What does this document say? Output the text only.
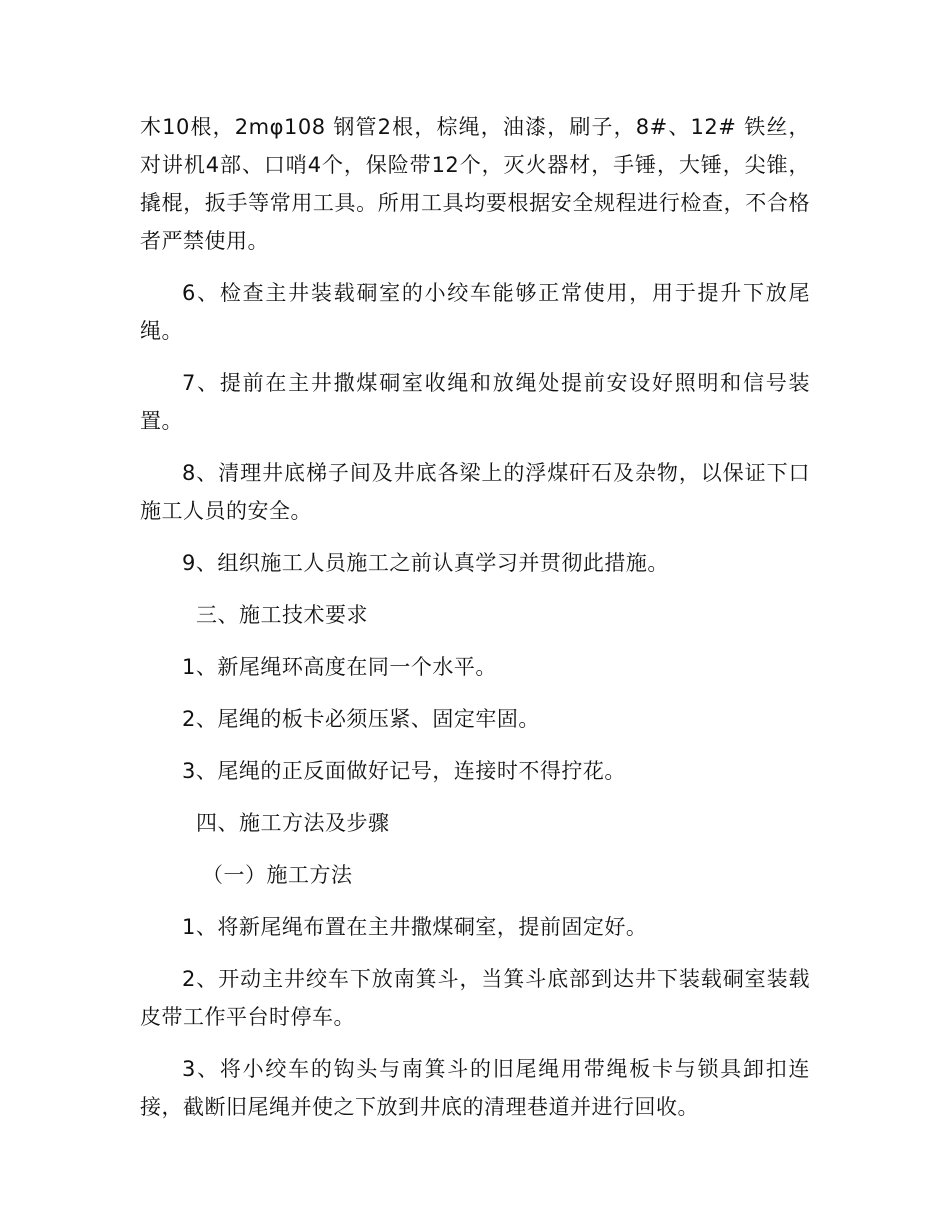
木10根，2mφ108 钢管2根，棕绳，油漆，刷子，8#、12# 铁丝，对讲机4部、口哨4个，保险带12个，灭火器材，手锤，大锤，尖锥，撬棍，扳手等常用工具。所用工具均要根据安全规程进行检查，不合格者严禁使用。

6、检查主井装载硐室的小绞车能够正常使用，用于提升下放尾绳。

7、提前在主井撒煤硐室收绳和放绳处提前安设好照明和信号装置。

8、清理井底梯子间及井底各梁上的浮煤矸石及杂物，以保证下口施工人员的安全。

9、组织施工人员施工之前认真学习并贯彻此措施。

三、施工技术要求

1、新尾绳环高度在同一个水平。

2、尾绳的板卡必须压紧、固定牢固。

3、尾绳的正反面做好记号，连接时不得拧花。

四、施工方法及步骤

（一）施工方法

1、将新尾绳布置在主井撒煤硐室，提前固定好。

2、开动主井绞车下放南箕斗，当箕斗底部到达井下装载硐室装载皮带工作平台时停车。

3、将小绞车的钩头与南箕斗的旧尾绳用带绳板卡与锁具卸扣连接，截断旧尾绳并使之下放到井底的清理巷道并进行回收。
